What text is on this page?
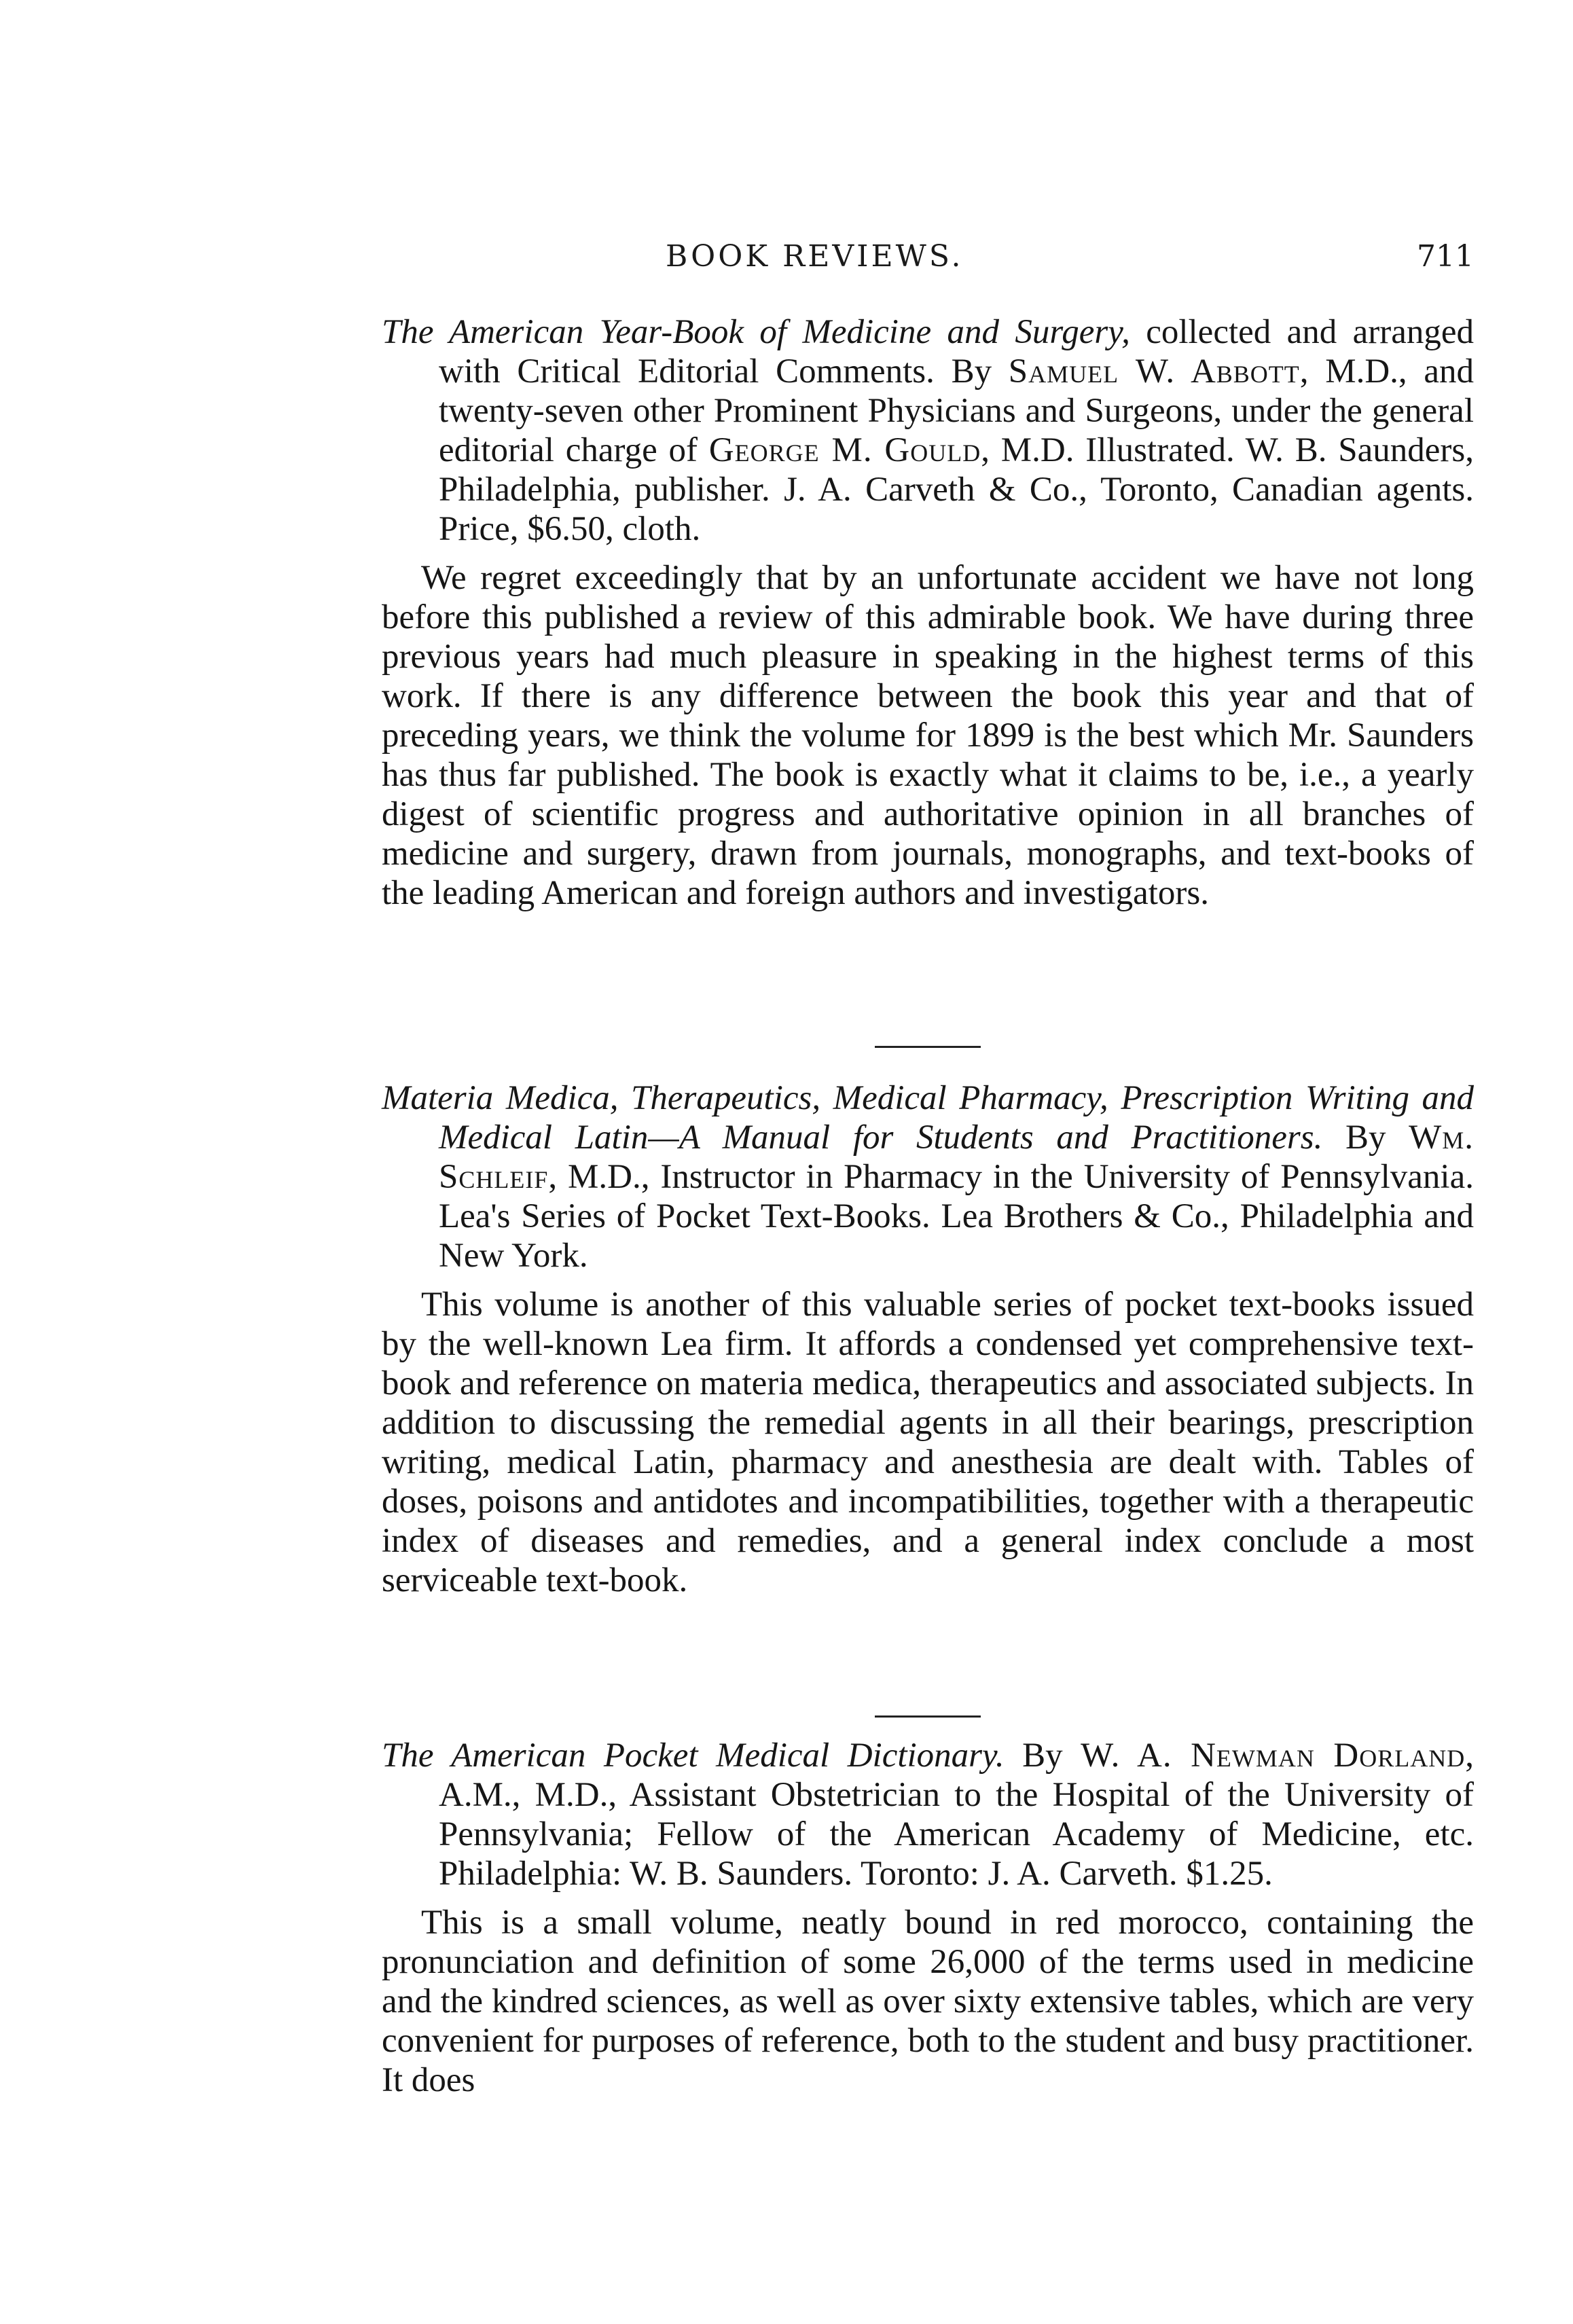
BOOK REVIEWS.	711

The American Year-Book of Medicine and Surgery, collected and arranged with Critical Editorial Comments. By Samuel W. Abbott, M.D., and twenty-seven other Prominent Physicians and Surgeons, under the general editorial charge of George M. Gould, M.D. Illustrated. W. B. Saunders, Philadelphia, publisher. J. A. Carveth & Co., Toronto, Canadian agents. Price, $6.50, cloth.

We regret exceedingly that by an unfortunate accident we have not long before this published a review of this admirable book. We have during three previous years had much pleasure in speaking in the highest terms of this work. If there is any difference between the book this year and that of preceding years, we think the volume for 1899 is the best which Mr. Saunders has thus far published. The book is exactly what it claims to be, i.e., a yearly digest of scientific progress and authoritative opinion in all branches of medicine and surgery, drawn from journals, monographs, and text-books of the leading American and foreign authors and investigators.

Materia Medica, Therapeutics, Medical Pharmacy, Prescription Writing and Medical Latin—A Manual for Students and Practitioners. By Wm. Schleif, M.D., Instructor in Pharmacy in the University of Pennsylvania. Lea's Series of Pocket Text-Books. Lea Brothers & Co., Philadelphia and New York.

This volume is another of this valuable series of pocket text-books issued by the well-known Lea firm. It affords a condensed yet comprehensive text-book and reference on materia medica, therapeutics and associated subjects. In addition to discussing the remedial agents in all their bearings, prescription writing, medical Latin, pharmacy and anesthesia are dealt with. Tables of doses, poisons and antidotes and incompatibilities, together with a therapeutic index of diseases and remedies, and a general index conclude a most serviceable text-book.

The American Pocket Medical Dictionary. By W. A. Newman Dorland, A.M., M.D., Assistant Obstetrician to the Hospital of the University of Pennsylvania; Fellow of the American Academy of Medicine, etc. Philadelphia: W. B. Saunders. Toronto: J. A. Carveth. $1.25.

This is a small volume, neatly bound in red morocco, containing the pronunciation and definition of some 26,000 of the terms used in medicine and the kindred sciences, as well as over sixty extensive tables, which are very convenient for purposes of reference, both to the student and busy practitioner. It does
